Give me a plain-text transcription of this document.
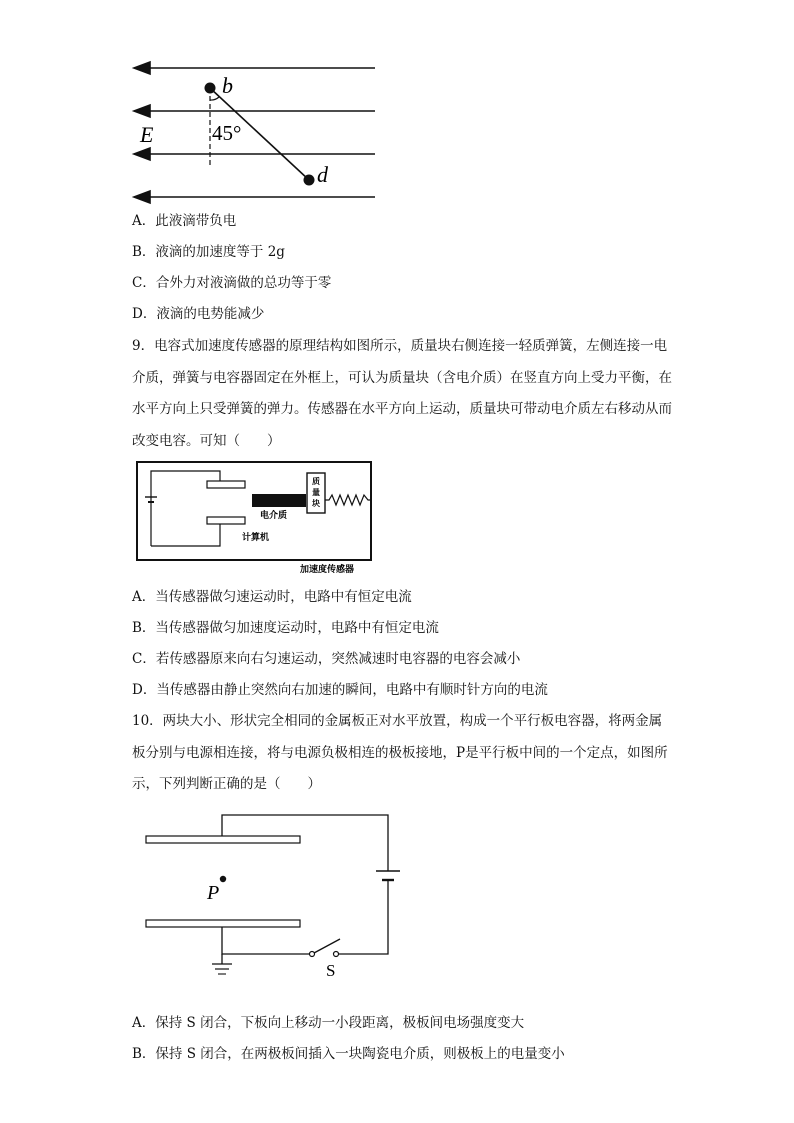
b
E	45°
d
A．此液滴带负电
B．液滴的加速度等于 2g
C．合外力对液滴做的总功等于零
D．液滴的电势能减少
9．电容式加速度传感器的原理结构如图所示，质量块右侧连接一轻质弹簧，左侧连接一电介质，弹簧与电容器固定在外框上，可认为质量块（含电介质）在竖直方向上受力平衡，在水平方向上只受弹簧的弹力。传感器在水平方向上运动，质量块可带动电介质左右移动从而改变电容。可知（　　）
质
量
块
电介质
计算机
加速度传感器
A．当传感器做匀速运动时，电路中有恒定电流
B．当传感器做匀加速度运动时，电路中有恒定电流
C．若传感器原来向右匀速运动，突然减速时电容器的电容会减小
D．当传感器由静止突然向右加速的瞬间，电路中有顺时针方向的电流
10．两块大小、形状完全相同的金属板正对水平放置，构成一个平行板电容器，将两金属板分别与电源相连接，将与电源负极相连的极板接地，P是平行板中间的一个定点，如图所示，下列判断正确的是（　　）
P
S
A．保持 S 闭合，下板向上移动一小段距离，极板间电场强度变大
B．保持 S 闭合，在两极板间插入一块陶瓷电介质，则极板上的电量变小
